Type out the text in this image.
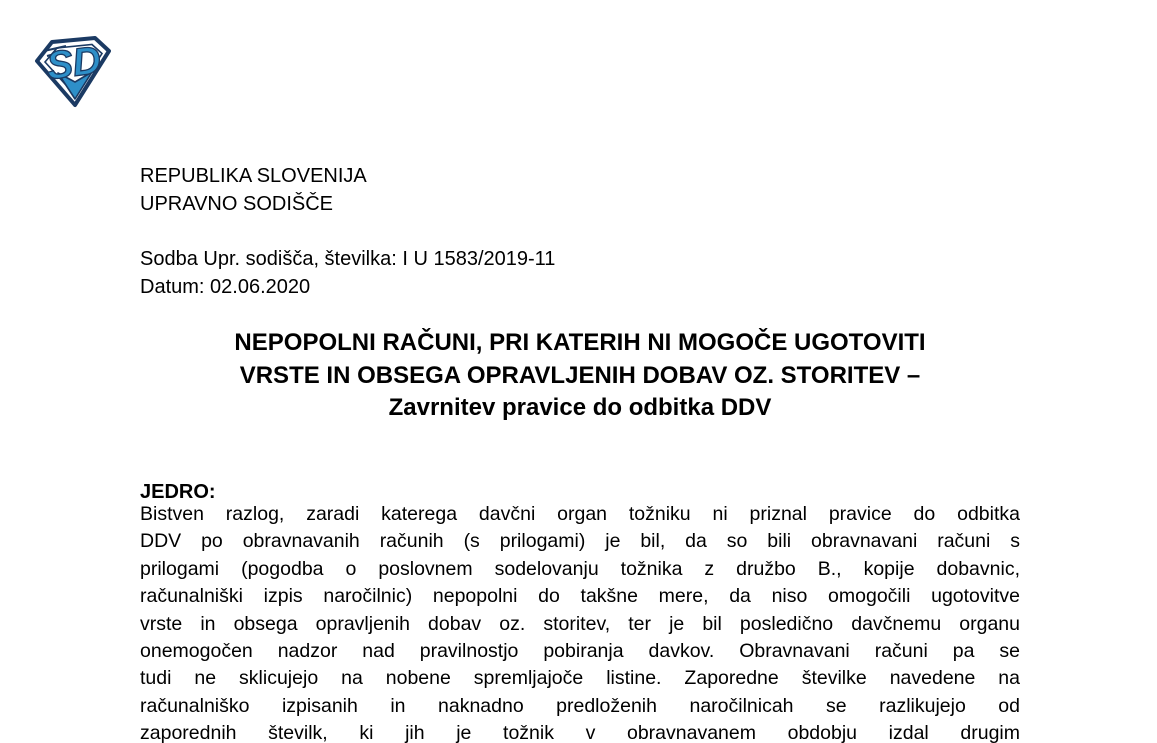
SD
REPUBLIKA SLOVENIJA
UPRAVNO SODIŠČE
Sodba Upr. sodišča, številka: I U 1583/2019-11
Datum: 02.06.2020
NEPOPOLNI RAČUNI, PRI KATERIH NI MOGOČE UGOTOVITI
VRSTE IN OBSEGA OPRAVLJENIH DOBAV OZ. STORITEV –
Zavrnitev pravice do odbitka DDV
JEDRO:
Bistven razlog, zaradi katerega davčni organ tožniku ni priznal pravice do odbitka
DDV po obravnavanih računih (s prilogami) je bil, da so bili obravnavani računi s
prilogami (pogodba o poslovnem sodelovanju tožnika z družbo B., kopije dobavnic,
računalniški izpis naročilnic) nepopolni do takšne mere, da niso omogočili ugotovitve
vrste in obsega opravljenih dobav oz. storitev, ter je bil posledično davčnemu organu
onemogočen nadzor nad pravilnostjo pobiranja davkov. Obravnavani računi pa se
tudi ne sklicujejo na nobene spremljajoče listine. Zaporedne številke navedene na
računalniško izpisanih in naknadno predloženih naročilnicah se razlikujejo od
zaporednih številk, ki jih je tožnik v obravnavanem obdobju izdal drugim
